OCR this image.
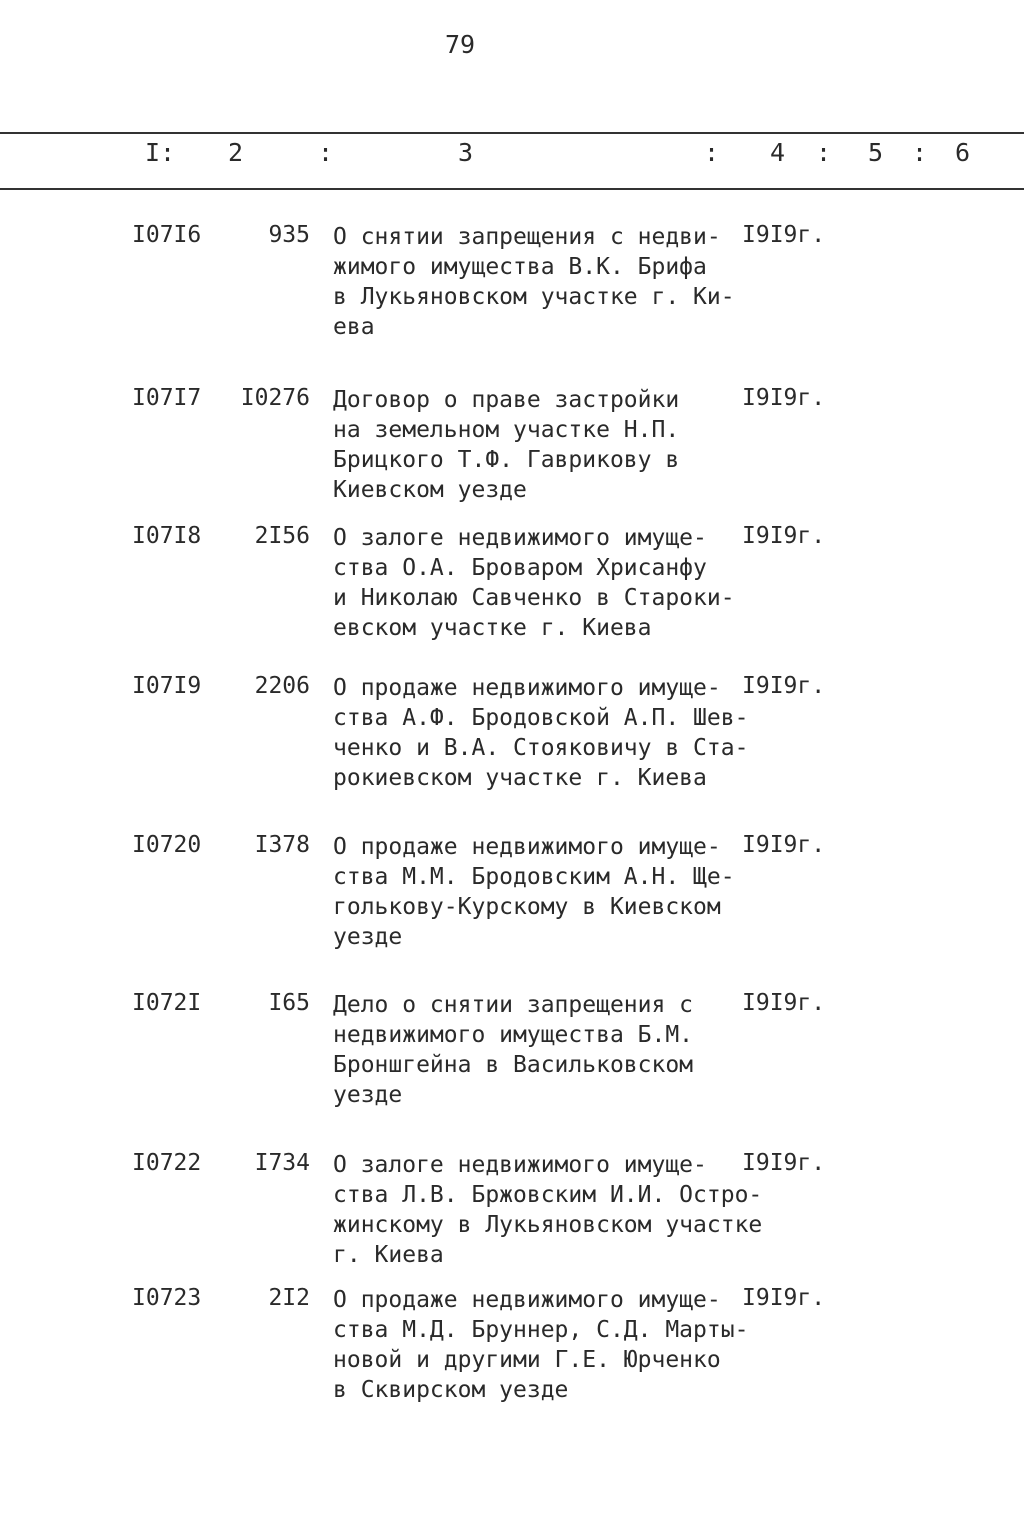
79
I: 2	:	3	: 4 : 5 : 6
I07I6	935 О снятии запрещения с недви-
жимого имущества В.К. Брифа
в Лукьяновском участке г. Ки-
ева
I9I9г.
I07I7	I0276 Договор о праве застройки
на земельном участке Н.П.
Брицкого Т.Ф. Гаврикову в
Киевском уезде
I9I9г.
I07I8	2I56 О залоге недвижимого имуще-
ства О.А. Броваром Хрисанфу
и Николаю Савченко в Староки-
евском участке г. Киева
I9I9г.
I07I9	2206 О продаже недвижимого имуще-
ства А.Ф. Бродовской А.П. Шев-
ченко и В.А. Стояковичу в Ста-
рокиевском участке г. Киева
I9I9г.
I0720	I378 О продаже недвижимого имуще-
ства М.М. Бродовским А.Н. Ще-
голькову-Курскому в Киевском
уезде
I9I9г.
I072I	I65 Дело о снятии запрещения с
недвижимого имущества Б.М.
Броншгейна в Васильковском
уезде
I9I9г.
I0722	I734 О залоге недвижимого имуще-
ства Л.В. Бржовским И.И. Остро-
жинскому в Лукьяновском участке
г. Киева
I9I9г.
I0723	2I2 О продаже недвижимого имуще-
ства М.Д. Бруннер, С.Д. Марты-
новой и другими Г.Е. Юрченко
в Сквирском уезде
I9I9г.
